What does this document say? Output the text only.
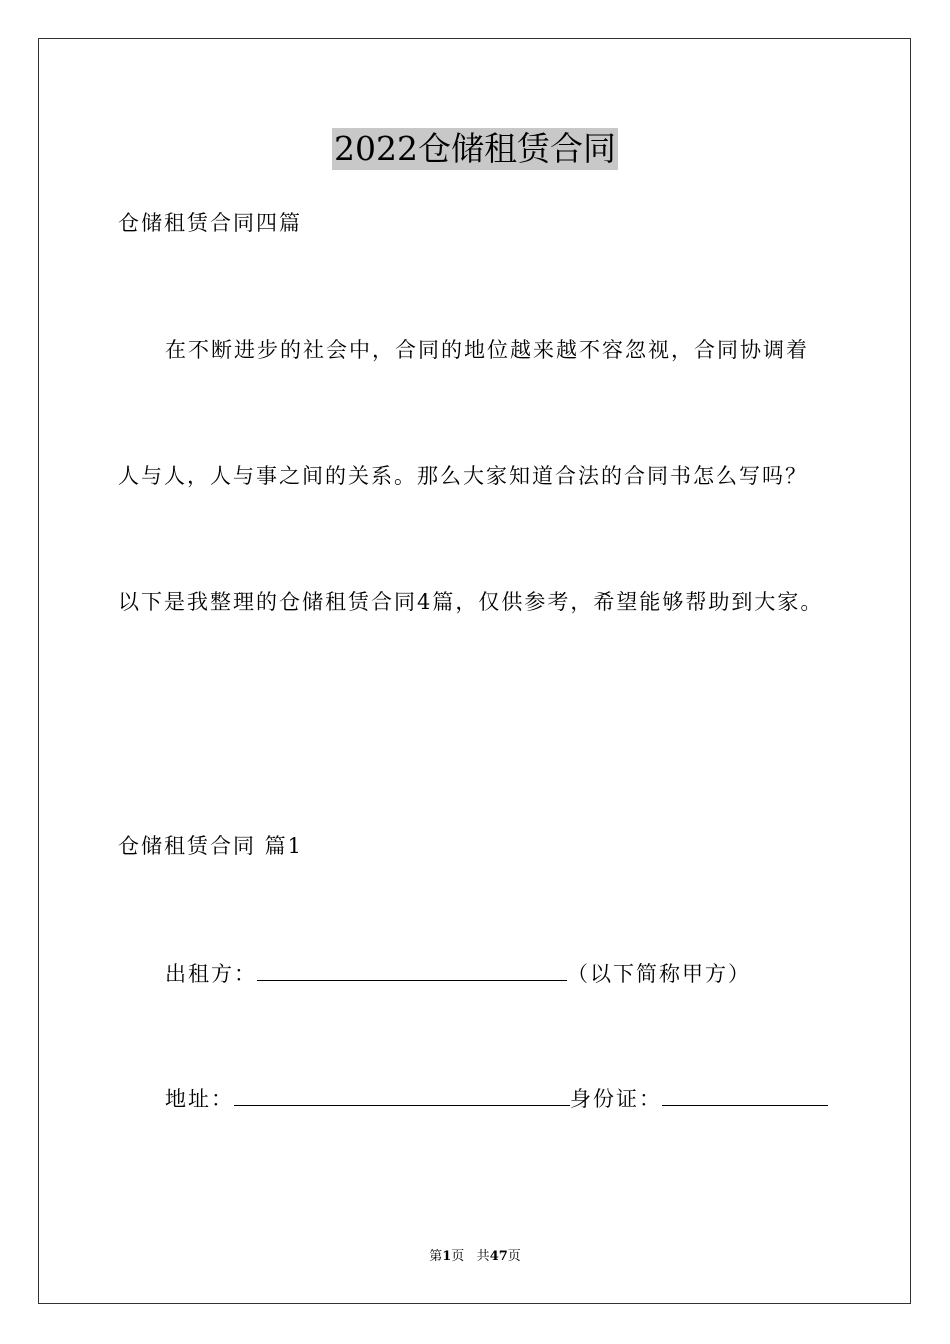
2022仓储租赁合同
仓储租赁合同四篇
在不断进步的社会中，合同的地位越来越不容忽视，合同协调着
人与人，人与事之间的关系。那么大家知道合法的合同书怎么写吗？
以下是我整理的仓储租赁合同4篇，仅供参考，希望能够帮助到大家。
仓储租赁合同 篇1
出租方：	（以下简称甲方）
地址：	身份证：
第1页 共47页
